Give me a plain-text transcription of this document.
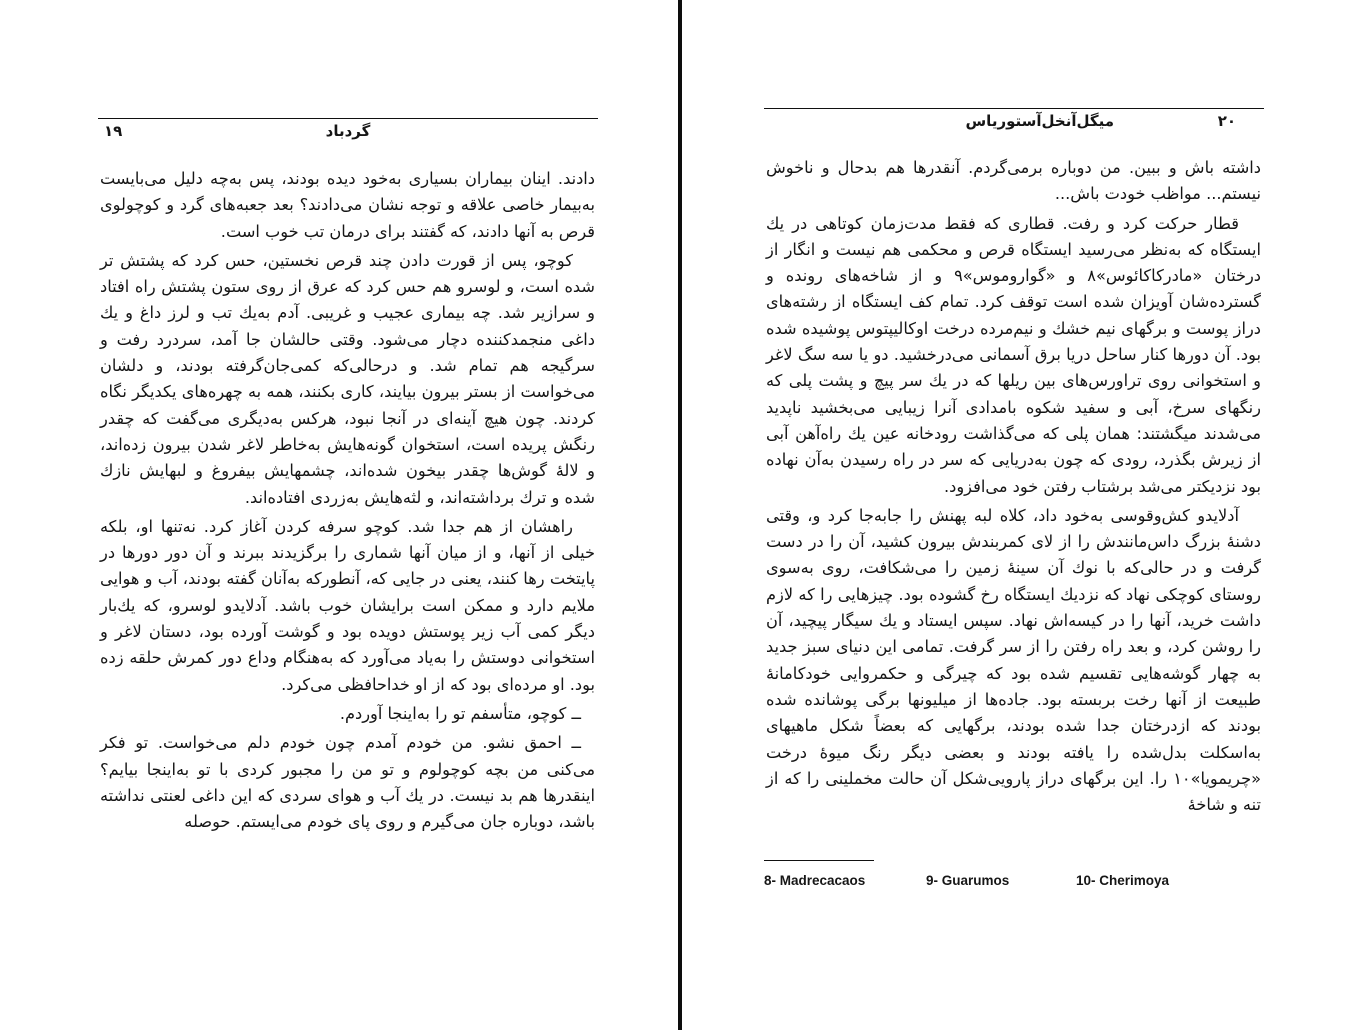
۱۹	گردباد

دادند. اینان بیماران بسیاری به‌خود دیده بودند، پس به‌چه دلیل می‌بایست به‌بیمار خاصی علاقه و توجه نشان می‌دادند؟ بعد جعبه‌های گرد و کوچولوی قرص به آنها دادند، که گفتند برای درمان تب خوب است.

کوچو، پس از قورت دادن چند قرص نخستین، حس کرد که پشتش تر شده است، و لوسرو هم حس کرد که عرق از روی ستون پشتش راه افتاد و سرازیر شد. چه بیماری عجیب و غریبی. آدم به‌یك تب و لرز داغ و یك داغی منجمدکننده دچار می‌شود. وقتی حالشان جا آمد، سردرد رفت و سرگیجه هم تمام شد. و درحالی‌که کمی‌جان‌گرفته بودند، و دلشان می‌خواست از بستر بیرون بیایند، کاری بکنند، همه به چهره‌های یکدیگر نگاه کردند. چون هیچ آینه‌ای در آنجا نبود، هرکس به‌دیگری می‌گفت که چقدر رنگش پریده است، استخوان گونه‌هایش به‌خاطر لاغر شدن بیرون زده‌اند، و لالهٔ گوش‌ها چقدر بیخون شده‌اند، چشمهایش بیفروغ و لبهایش نازك شده و ترك برداشته‌اند، و لثه‌هایش به‌زردی افتاده‌اند.

راهشان از هم جدا شد. کوچو سرفه کردن آغاز کرد. نه‌تنها او، بلکه خیلی از آنها، و از میان آنها شماری را برگزیدند ببرند و آن دور دورها در پایتخت رها کنند، یعنی در جایی که، آنطورکه به‌آنان گفته بودند، آب و هوایی ملایم دارد و ممکن است برایشان خوب باشد. آدلایدو لوسرو، که یك‌بار دیگر کمی آب زیر پوستش دویده بود و گوشت آورده بود، دستان لاغر و استخوانی دوستش را به‌یاد می‌آورد که به‌هنگام وداع دور کمرش حلقه زده بود. او مرده‌ای بود که از او خداحافظی می‌کرد.

ــ کوچو، متأسفم تو را به‌اینجا آوردم.

ــ احمق نشو. من خودم آمدم چون خودم دلم می‌خواست. تو فکر می‌کنی من بچه کوچولوم و تو من را مجبور کردی با تو به‌اینجا بیایم؟ اینقدرها هم بد نیست. در یك آب و هوای سردی که این داغی لعنتی نداشته باشد، دوباره جان می‌گیرم و روی پای خودم می‌ایستم. حوصله

۲۰
میگل‌آنخل‌آستوریاس

داشته باش و ببین. من دوباره برمی‌گردم. آنقدرها هم بدحال و ناخوش نیستم... مواظب خودت باش...

قطار حرکت کرد و رفت. قطاری که فقط مدت‌زمان کوتاهی در یك ایستگاه که به‌نظر می‌رسید ایستگاه قرص و محکمی هم نیست و انگار از درختان «مادرکاکائوس»۸ و «گواروموس»۹ و از شاخه‌های رونده و گسترده‌شان آویزان شده است توقف کرد. تمام کف ایستگاه از رشته‌های دراز پوست و برگهای نیم خشك و نیم‌مرده درخت اوکالیپتوس پوشیده شده بود. آن دورها کنار ساحل دریا برق آسمانی می‌درخشید. دو یا سه سگ لاغر و استخوانی روی تراورس‌های بین ریلها که در یك سر پیچ و پشت پلی که رنگهای سرخ، آبی و سفید شکوه بامدادی آنرا زیبایی می‌بخشید ناپدید می‌شدند میگشتند: همان پلی که می‌گذاشت رودخانه عین یك راه‌آهن آبی از زیرش بگذرد، رودی که چون به‌دریایی که سر در راه رسیدن به‌آن نهاده بود نزدیکتر می‌شد برشتاب رفتن خود می‌افزود.

آدلایدو کش‌وقوسی به‌خود داد، کلاه لبه پهنش را جابه‌جا کرد و، وقتی دشنهٔ بزرگ داس‌مانندش را از لای کمربندش بیرون کشید، آن را در دست گرفت و در حالی‌که با نوك آن سینهٔ زمین را می‌شکافت، روی به‌سوی روستای کوچکی نهاد که نزدیك ایستگاه رخ گشوده بود. چیزهایی را که لازم داشت خرید، آنها را در کیسه‌اش نهاد. سپس ایستاد و یك سیگار پیچید، آن را روشن کرد، و بعد راه رفتن را از سر گرفت. تمامی این دنیای سبز جدید به چهار گوشه‌هایی تقسیم شده بود که چیرگی و حکمروایی خودکامانهٔ طبیعت از آنها رخت بربسته بود. جاده‌ها از میلیونها برگی پوشانده شده بودند که ازدرختان جدا شده بودند، برگهایی که بعضاً شکل ماهیهای به‌اسکلت بدل‌شده را یافته بودند و بعضی دیگر رنگ میوهٔ درخت «چریمویا»۱۰ را. این برگهای دراز پارویی‌شکل آن حالت مخملینی را که از تنه و شاخهٔ

8- Madrecacaos	9- Guarumos	10- Cherimoya
